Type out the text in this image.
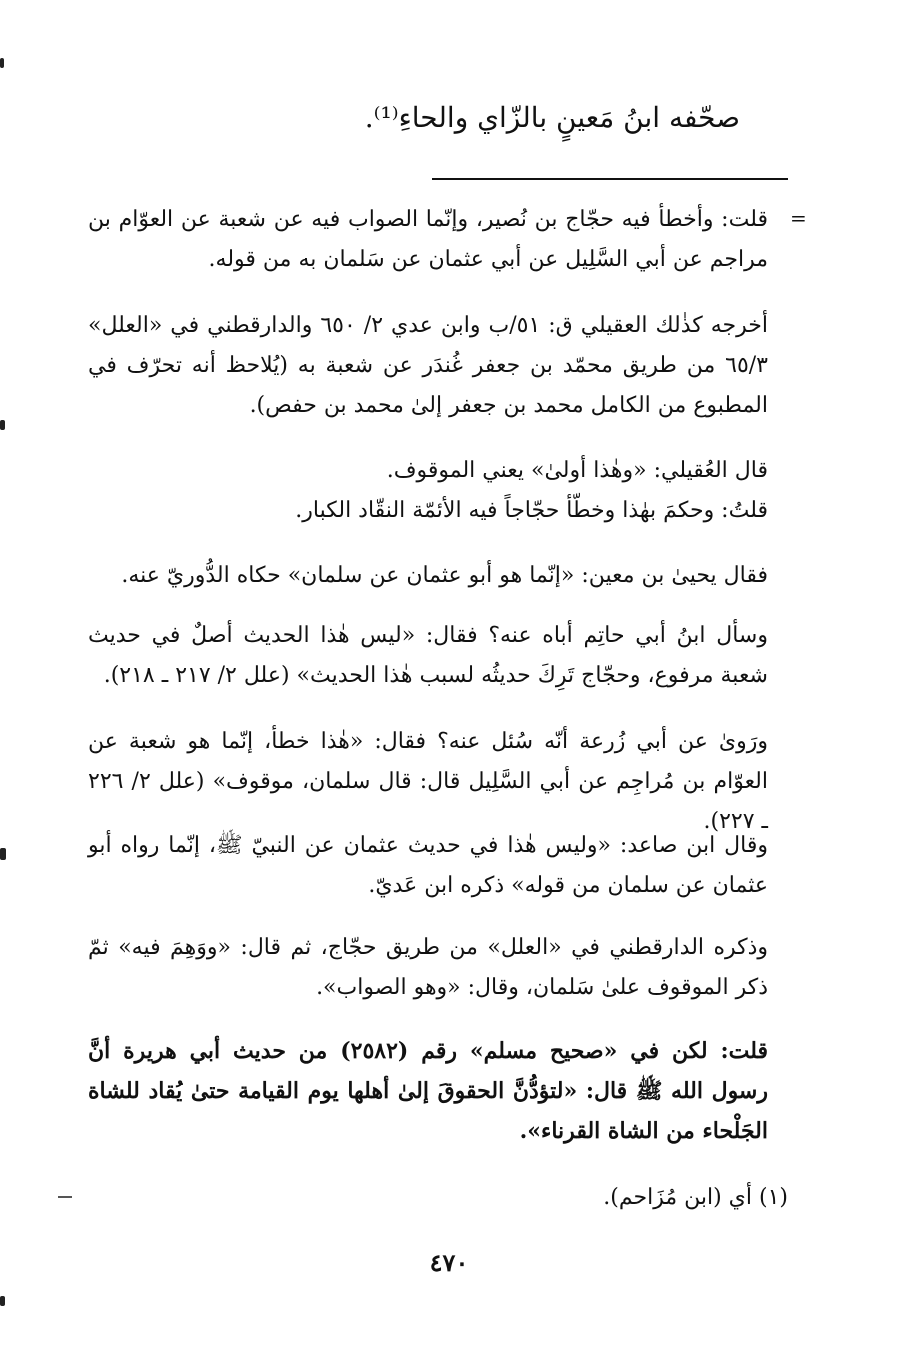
صحّفه ابنُ مَعينٍ بالزّاي والحاءِ⁽¹⁾.

=

قلت: وأخطأ فيه حجّاج بن نُصير، وإنّما الصواب فيه عن شعبة عن العوّام بن مراجم عن أبي السَّلِيل عن أبي عثمان عن سَلمان به من قوله.

أخرجه كذٰلك العقيلي ق: ٥١/ب وابن عدي ٢/ ٦٥٠ والدارقطني في «العلل» ٦٥/٣ من طريق محمّد بن جعفر غُندَر عن شعبة به (يُلاحظ أنه تحرّف في المطبوع من الكامل محمد بن جعفر إلىٰ محمد بن حفص).

قال العُقيلي: «وهٰذا أولىٰ» يعني الموقوف.

قلتُ: وحكمَ بهٰذا وخطّأ حجّاجاً فيه الأئمّة النقّاد الكبار.

فقال يحيىٰ بن معين: «إنّما هو أبو عثمان عن سلمان» حكاه الدُّوريّ عنه.

وسأل ابنُ أبي حاتِم أباه عنه؟ فقال: «ليس هٰذا الحديث أصلٌ في حديث شعبة مرفوع، وحجّاج تَرِكَ حديثُه لسبب هٰذا الحديث» (علل ٢/ ٢١٧ ـ ٢١٨).

ورَوىٰ عن أبي زُرعة أنّه سُئل عنه؟ فقال: «هٰذا خطأ، إنّما هو شعبة عن العوّام بن مُراجِم عن أبي السَّلِيل قال: قال سلمان، موقوف» (علل ٢/ ٢٢٦ ـ ٢٢٧).

وقال ابن صاعد: «وليس هٰذا في حديث عثمان عن النبيّ ﷺ، إنّما رواه أبو عثمان عن سلمان من قوله» ذكره ابن عَديّ.

وذكره الدارقطني في «العلل» من طريق حجّاج، ثم قال: «ووَهِمَ فيه» ثمّ ذكر الموقوف علىٰ سَلمان، وقال: «وهو الصواب».

قلت: لكن في «صحيح مسلم» رقم (٢٥٨٢) من حديث أبي هريرة أنَّ رسول الله ﷺ قال: «لتؤدُّنَّ الحقوقَ إلىٰ أهلها يوم القيامة حتىٰ يُقاد للشاة الجَلْحاء من الشاة القرناء».

(١) أي (ابن مُزَاحم).

٤٧٠
